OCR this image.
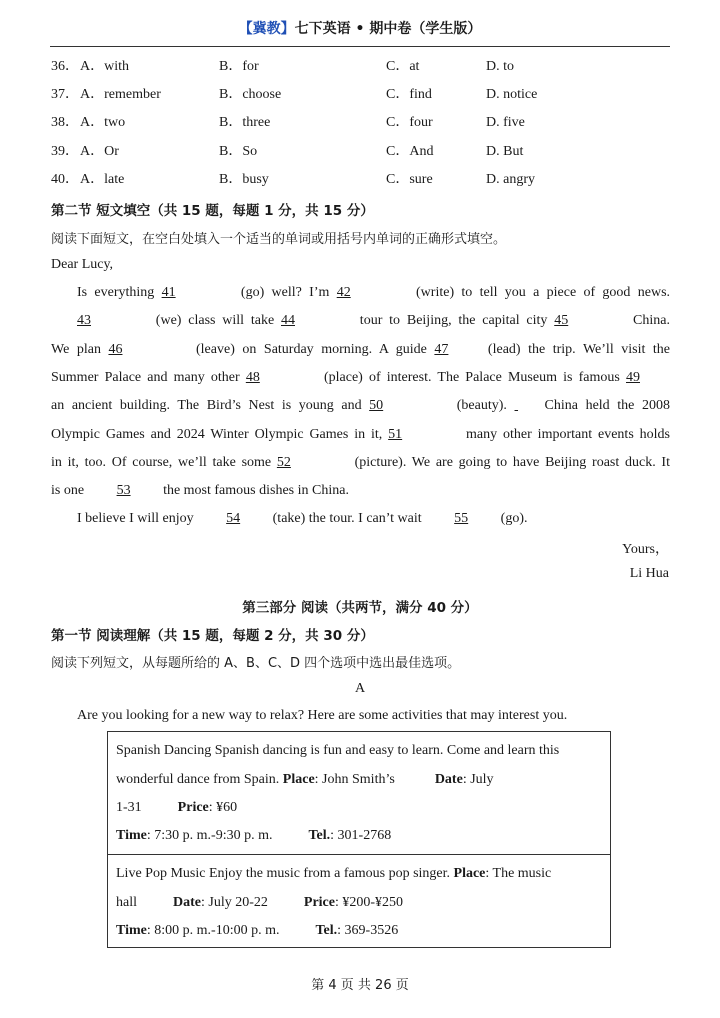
【冀教】七下英语 • 期中卷（学生版）
36． A．with	B．for	C．at	D. to
37． A．remember	B．choose	C．find	D. notice
38． A．two	B．three	C．four	D. five
39． A．Or	B．So	C．And	D. But
40． A．late	B．busy	C．sure	D. angry
第二节 短文填空（共 15 题，每题 1 分，共 15 分）
阅读下面短文，在空白处填入一个适当的单词或用括号内单词的正确形式填空。
Dear Lucy,
Is everything 41	(go) well? I’m 42	(write) to tell you a piece of good news.
43	(we) class will take 44	tour to Beijing, the capital city 45	China.
We plan 46	(leave) on Saturday morning. A guide 47 (lead) the trip. We’ll visit the
Summer Palace and many other 48	(place) of interest. The Palace Museum is famous 49
an ancient building. The Bird’s Nest is young and 50	(beauty).  China held the 2008
Olympic Games and 2024 Winter Olympic Games in it, 51	many other important events holds
in it, too. Of course, we’ll take some 52	(picture). We are going to have Beijing roast duck. It
is one 53 the most famous dishes in China.
I believe I will enjoy 54 (take) the tour. I can’t wait 55 (go).
Yours，
Li Hua
第三部分 阅读（共两节，满分 40 分）
第一节 阅读理解（共 15 题，每题 2 分，共 30 分）
阅读下列短文，从每题所给的 A、B、C、D 四个选项中选出最佳选项。
A
Are you looking for a new way to relax? Here are some activities that may interest you.
Spanish Dancing Spanish dancing is fun and easy to learn. Come and learn this
wonderful dance from Spain. Place: John Smith’s	Date: July
1-31	Price: ¥60
Time: 7:30 p. m.-9:30 p. m.	Tel.: 301-2768
Live Pop Music Enjoy the music from a famous pop singer. Place: The music
hall	Date: July 20-22	Price: ¥200-¥250
Time: 8:00 p. m.-10:00 p. m.	Tel.: 369-3526
第 4 页 共 26 页
